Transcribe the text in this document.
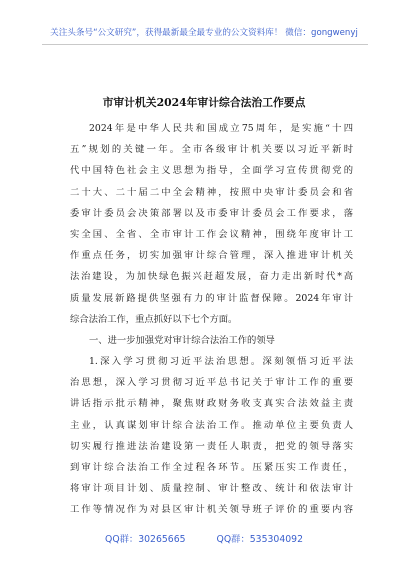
关注头条号“公文研究”，获得最新最全最专业的公文资料库！ 微信：gongwenyj
市审计机关2024年审计综合法治工作要点
2024年是中华人民共和国成立75周年，是实施“十四
五”规划的关键一年。全市各级审计机关要以习近平新时
代中国特色社会主义思想为指导，全面学习宣传贯彻党的
二十大、二十届二中全会精神，按照中央审计委员会和省
委审计委员会决策部署以及市委审计委员会工作要求，落
实全国、全省、全市审计工作会议精神，围绕年度审计工
作重点任务，切实加强审计综合管理，深入推进审计机关
法治建设，为加快绿色振兴赶超发展，奋力走出新时代*高
质量发展新路提供坚强有力的审计监督保障。2024年审计
综合法治工作，重点抓好以下七个方面。
一、进一步加强党对审计综合法治工作的领导
1.深入学习贯彻习近平法治思想。深刻领悟习近平法
治思想，深入学习贯彻习近平总书记关于审计工作的重要
讲话指示批示精神，聚焦财政财务收支真实合法效益主责
主业，认真谋划审计综合法治工作。推动单位主要负责人
切实履行推进法治建设第一责任人职责，把党的领导落实
到审计综合法治工作全过程各环节。压紧压实工作责任，
将审计项目计划、质量控制、审计整改、统计和依法审计
工作等情况作为对县区审计机关领导班子评价的重要内容
QQ群：30265665	QQ群：535304092
